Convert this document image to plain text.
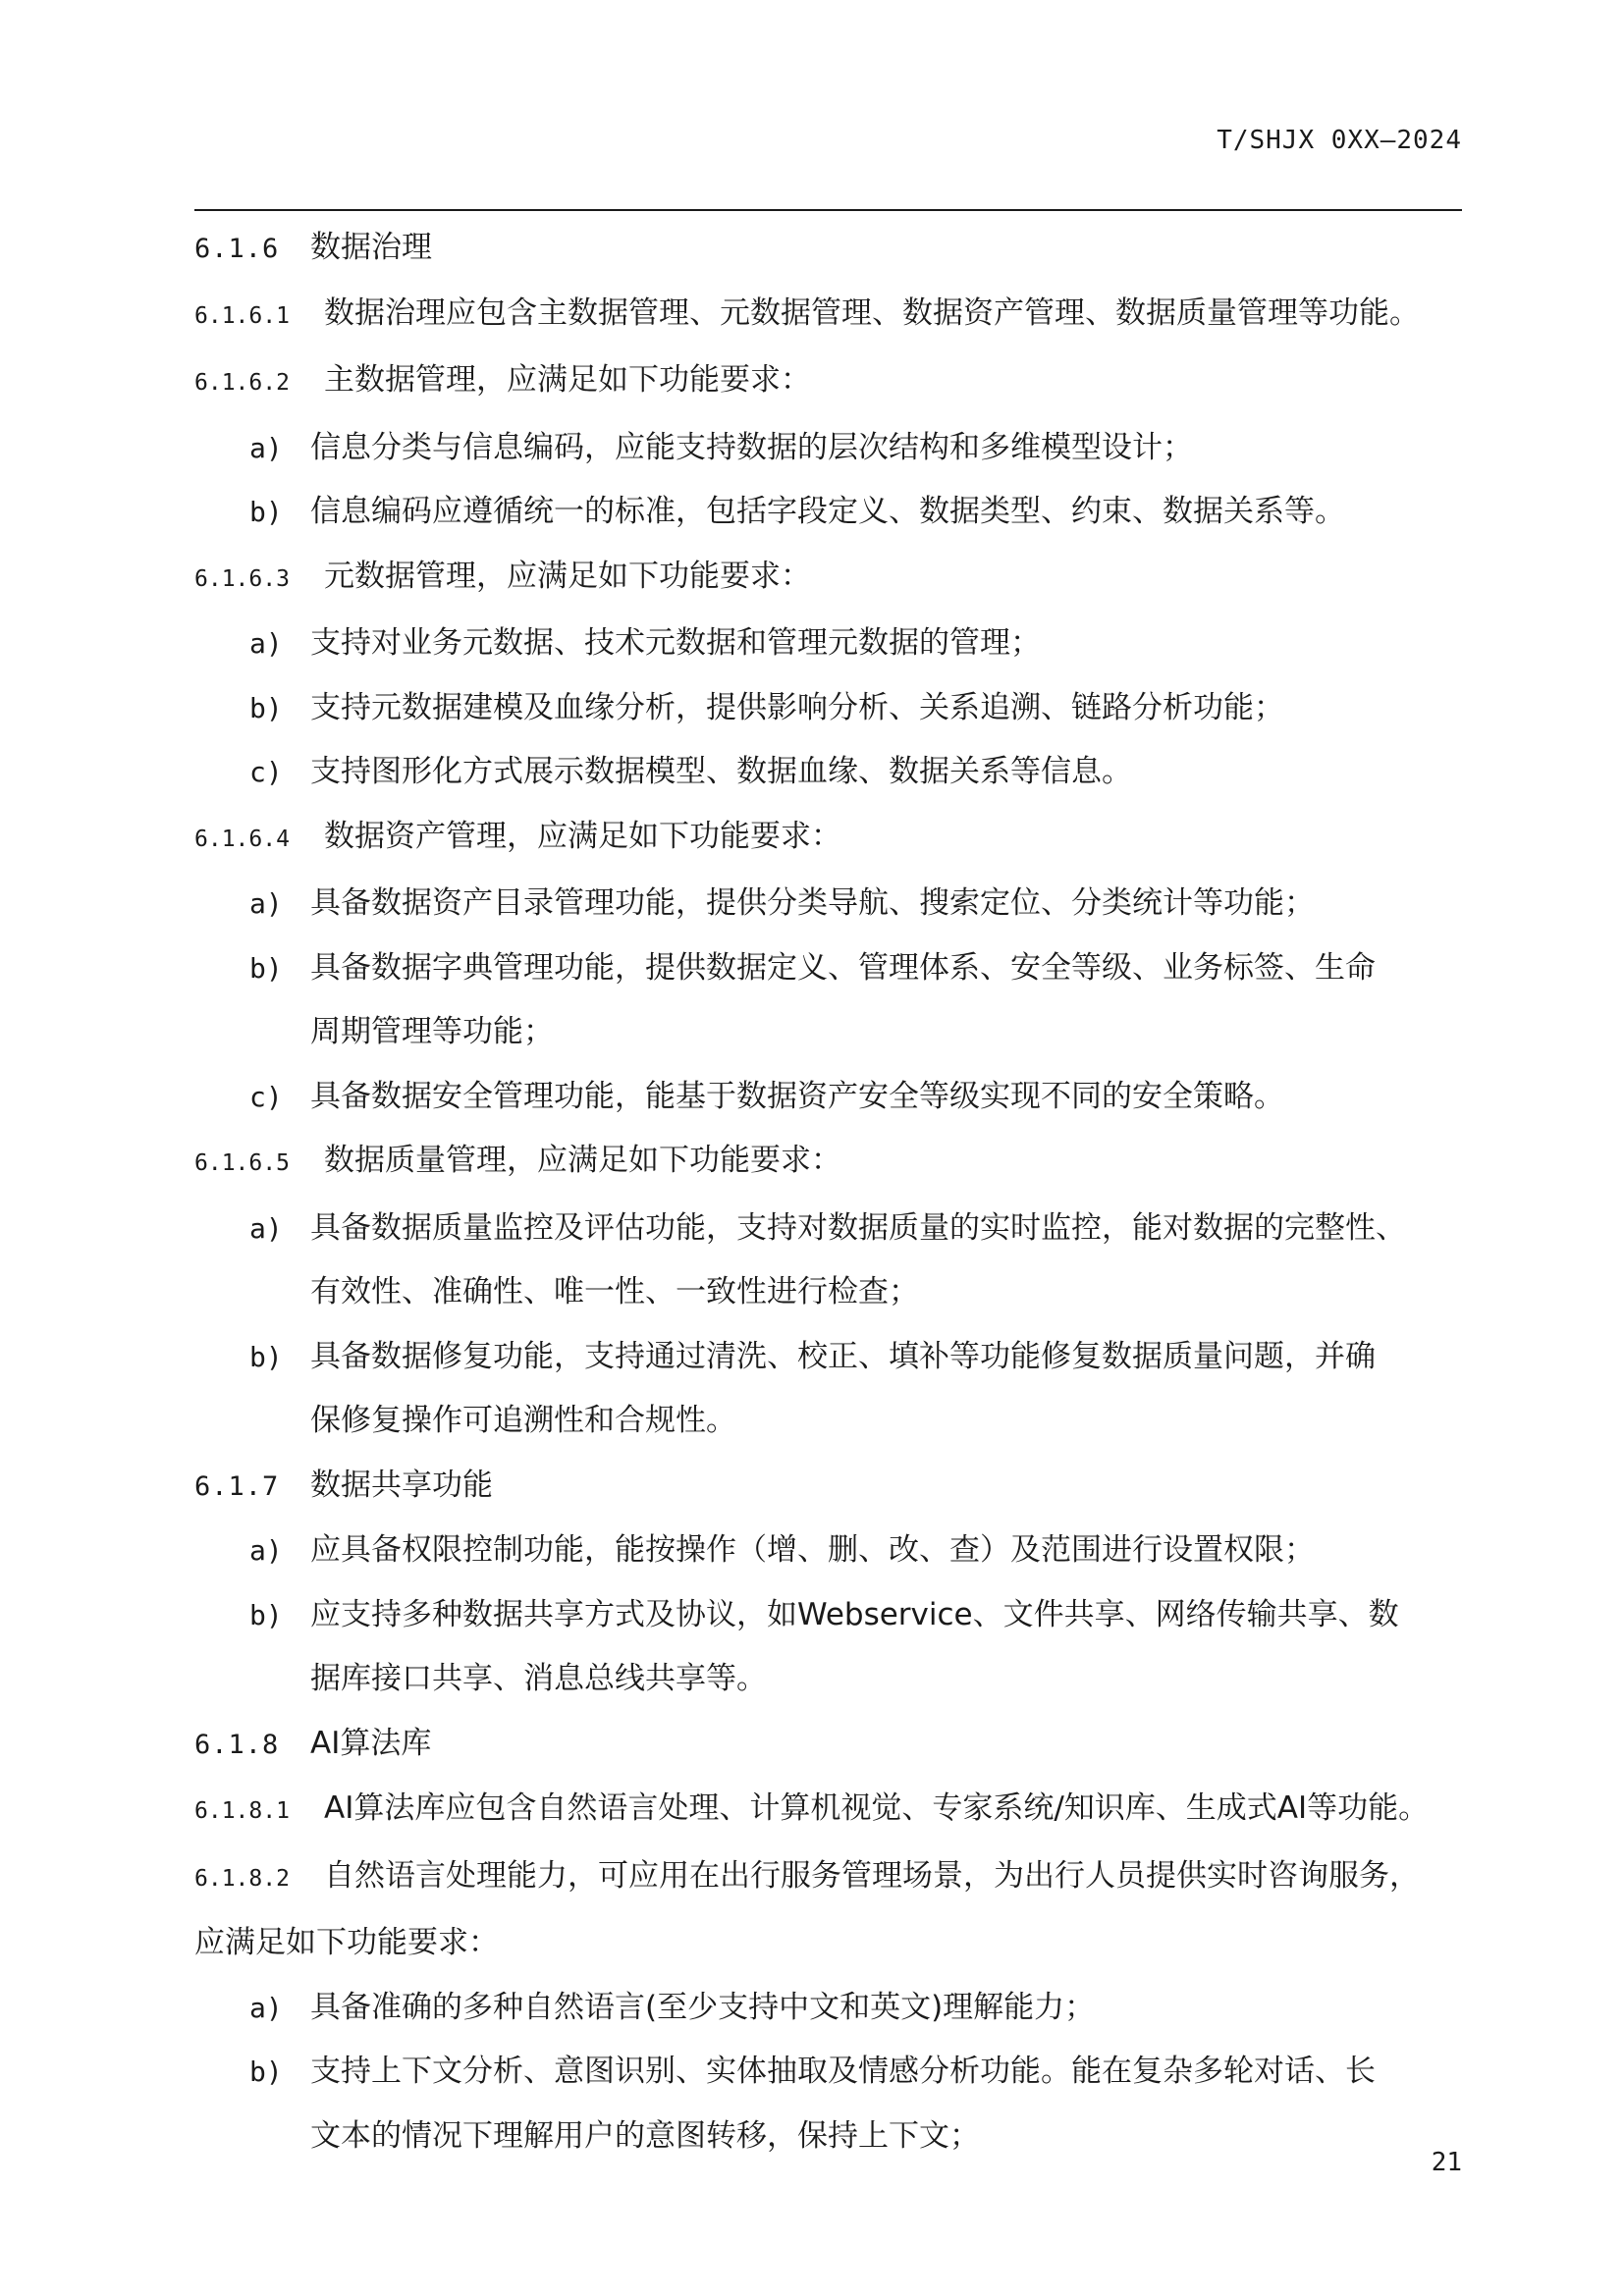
T/SHJX 0XX—2024
6.1.6	数据治理
6.1.6.1	数据治理应包含主数据管理、元数据管理、数据资产管理、数据质量管理等功能。
6.1.6.2	主数据管理，应满足如下功能要求：
a) 信息分类与信息编码，应能支持数据的层次结构和多维模型设计；
b) 信息编码应遵循统一的标准，包括字段定义、数据类型、约束、数据关系等。
6.1.6.3	元数据管理，应满足如下功能要求：
a) 支持对业务元数据、技术元数据和管理元数据的管理；
b) 支持元数据建模及血缘分析，提供影响分析、关系追溯、链路分析功能；
c) 支持图形化方式展示数据模型、数据血缘、数据关系等信息。
6.1.6.4	数据资产管理，应满足如下功能要求：
a) 具备数据资产目录管理功能，提供分类导航、搜索定位、分类统计等功能；
b) 具备数据字典管理功能，提供数据定义、管理体系、安全等级、业务标签、生命
周期管理等功能；
c) 具备数据安全管理功能，能基于数据资产安全等级实现不同的安全策略。
6.1.6.5	数据质量管理，应满足如下功能要求：
a) 具备数据质量监控及评估功能，支持对数据质量的实时监控，能对数据的完整性、
有效性、准确性、唯一性、一致性进行检查；
b) 具备数据修复功能，支持通过清洗、校正、填补等功能修复数据质量问题，并确
保修复操作可追溯性和合规性。
6.1.7	数据共享功能
a) 应具备权限控制功能，能按操作（增、删、改、查）及范围进行设置权限；
b) 应支持多种数据共享方式及协议，如Webservice、文件共享、网络传输共享、数
据库接口共享、消息总线共享等。
6.1.8	AI算法库
6.1.8.1	AI算法库应包含自然语言处理、计算机视觉、专家系统/知识库、生成式AI等功能。
6.1.8.2	自然语言处理能力，可应用在出行服务管理场景，为出行人员提供实时咨询服务，
应满足如下功能要求：
a) 具备准确的多种自然语言(至少支持中文和英文)理解能力；
b) 支持上下文分析、意图识别、实体抽取及情感分析功能。能在复杂多轮对话、长
文本的情况下理解用户的意图转移，保持上下文；
21
